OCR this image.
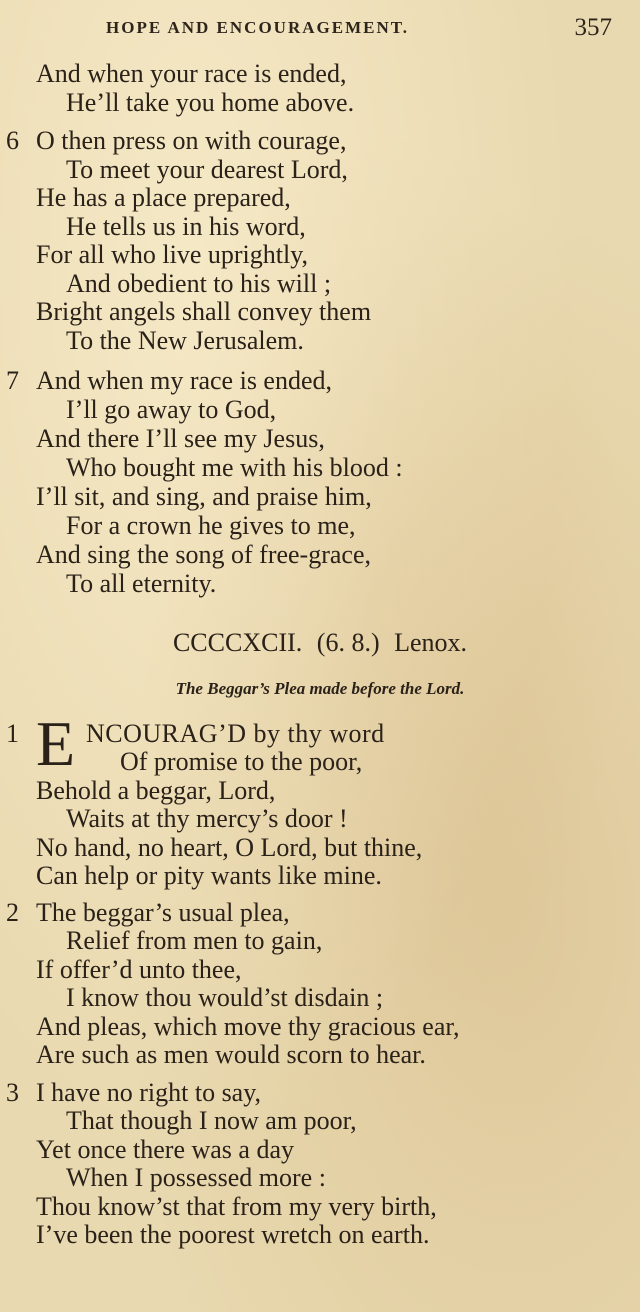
HOPE AND ENCOURAGEMENT.	357
And when your race is ended,
He’ll take you home above.
6 O then press on with courage,
To meet your dearest Lord,
He has a place prepared,
He tells us in his word,
For all who live uprightly,
And obedient to his will ;
Bright angels shall convey them
To the New Jerusalem.
7 And when my race is ended,
I’ll go away to God,
And there I’ll see my Jesus,
Who bought me with his blood :
I’ll sit, and sing, and praise him,
For a crown he gives to me,
And sing the song of free-grace,
To all eternity.
CCCCXCII. (6. 8.) Lenox.
The Beggar’s Plea made before the Lord.
1 E NCOURAG’D by thy word
Of promise to the poor,
Behold a beggar, Lord,
Waits at thy mercy’s door !
No hand, no heart, O Lord, but thine,
Can help or pity wants like mine.
2 The beggar’s usual plea,
Relief from men to gain,
If offer’d unto thee,
I know thou would’st disdain ;
And pleas, which move thy gracious ear,
Are such as men would scorn to hear.
3 I have no right to say,
That though I now am poor,
Yet once there was a day
When I possessed more :
Thou know’st that from my very birth,
I’ve been the poorest wretch on earth.
